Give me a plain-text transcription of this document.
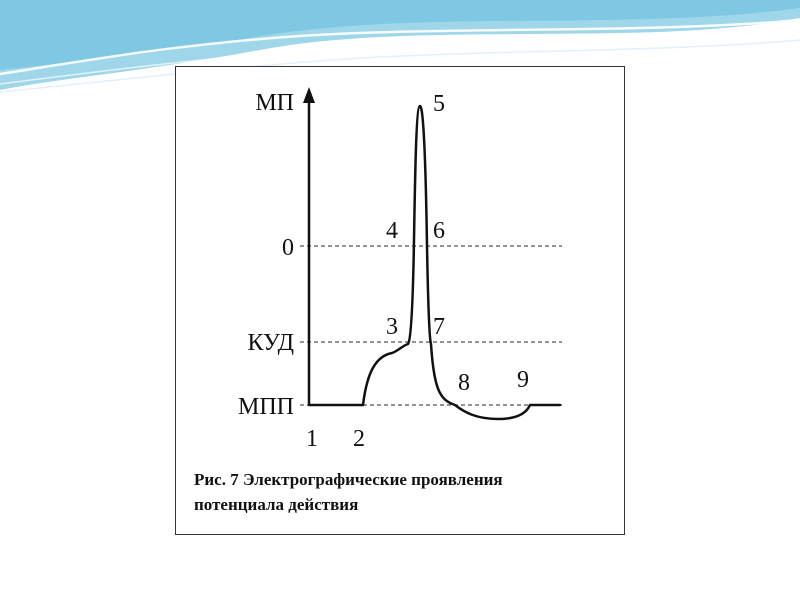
МП
0
КУД
МПП
1 2
3
4
5
6
7
8 9
Рис. 7 Электрографические проявления
потенциала действия
